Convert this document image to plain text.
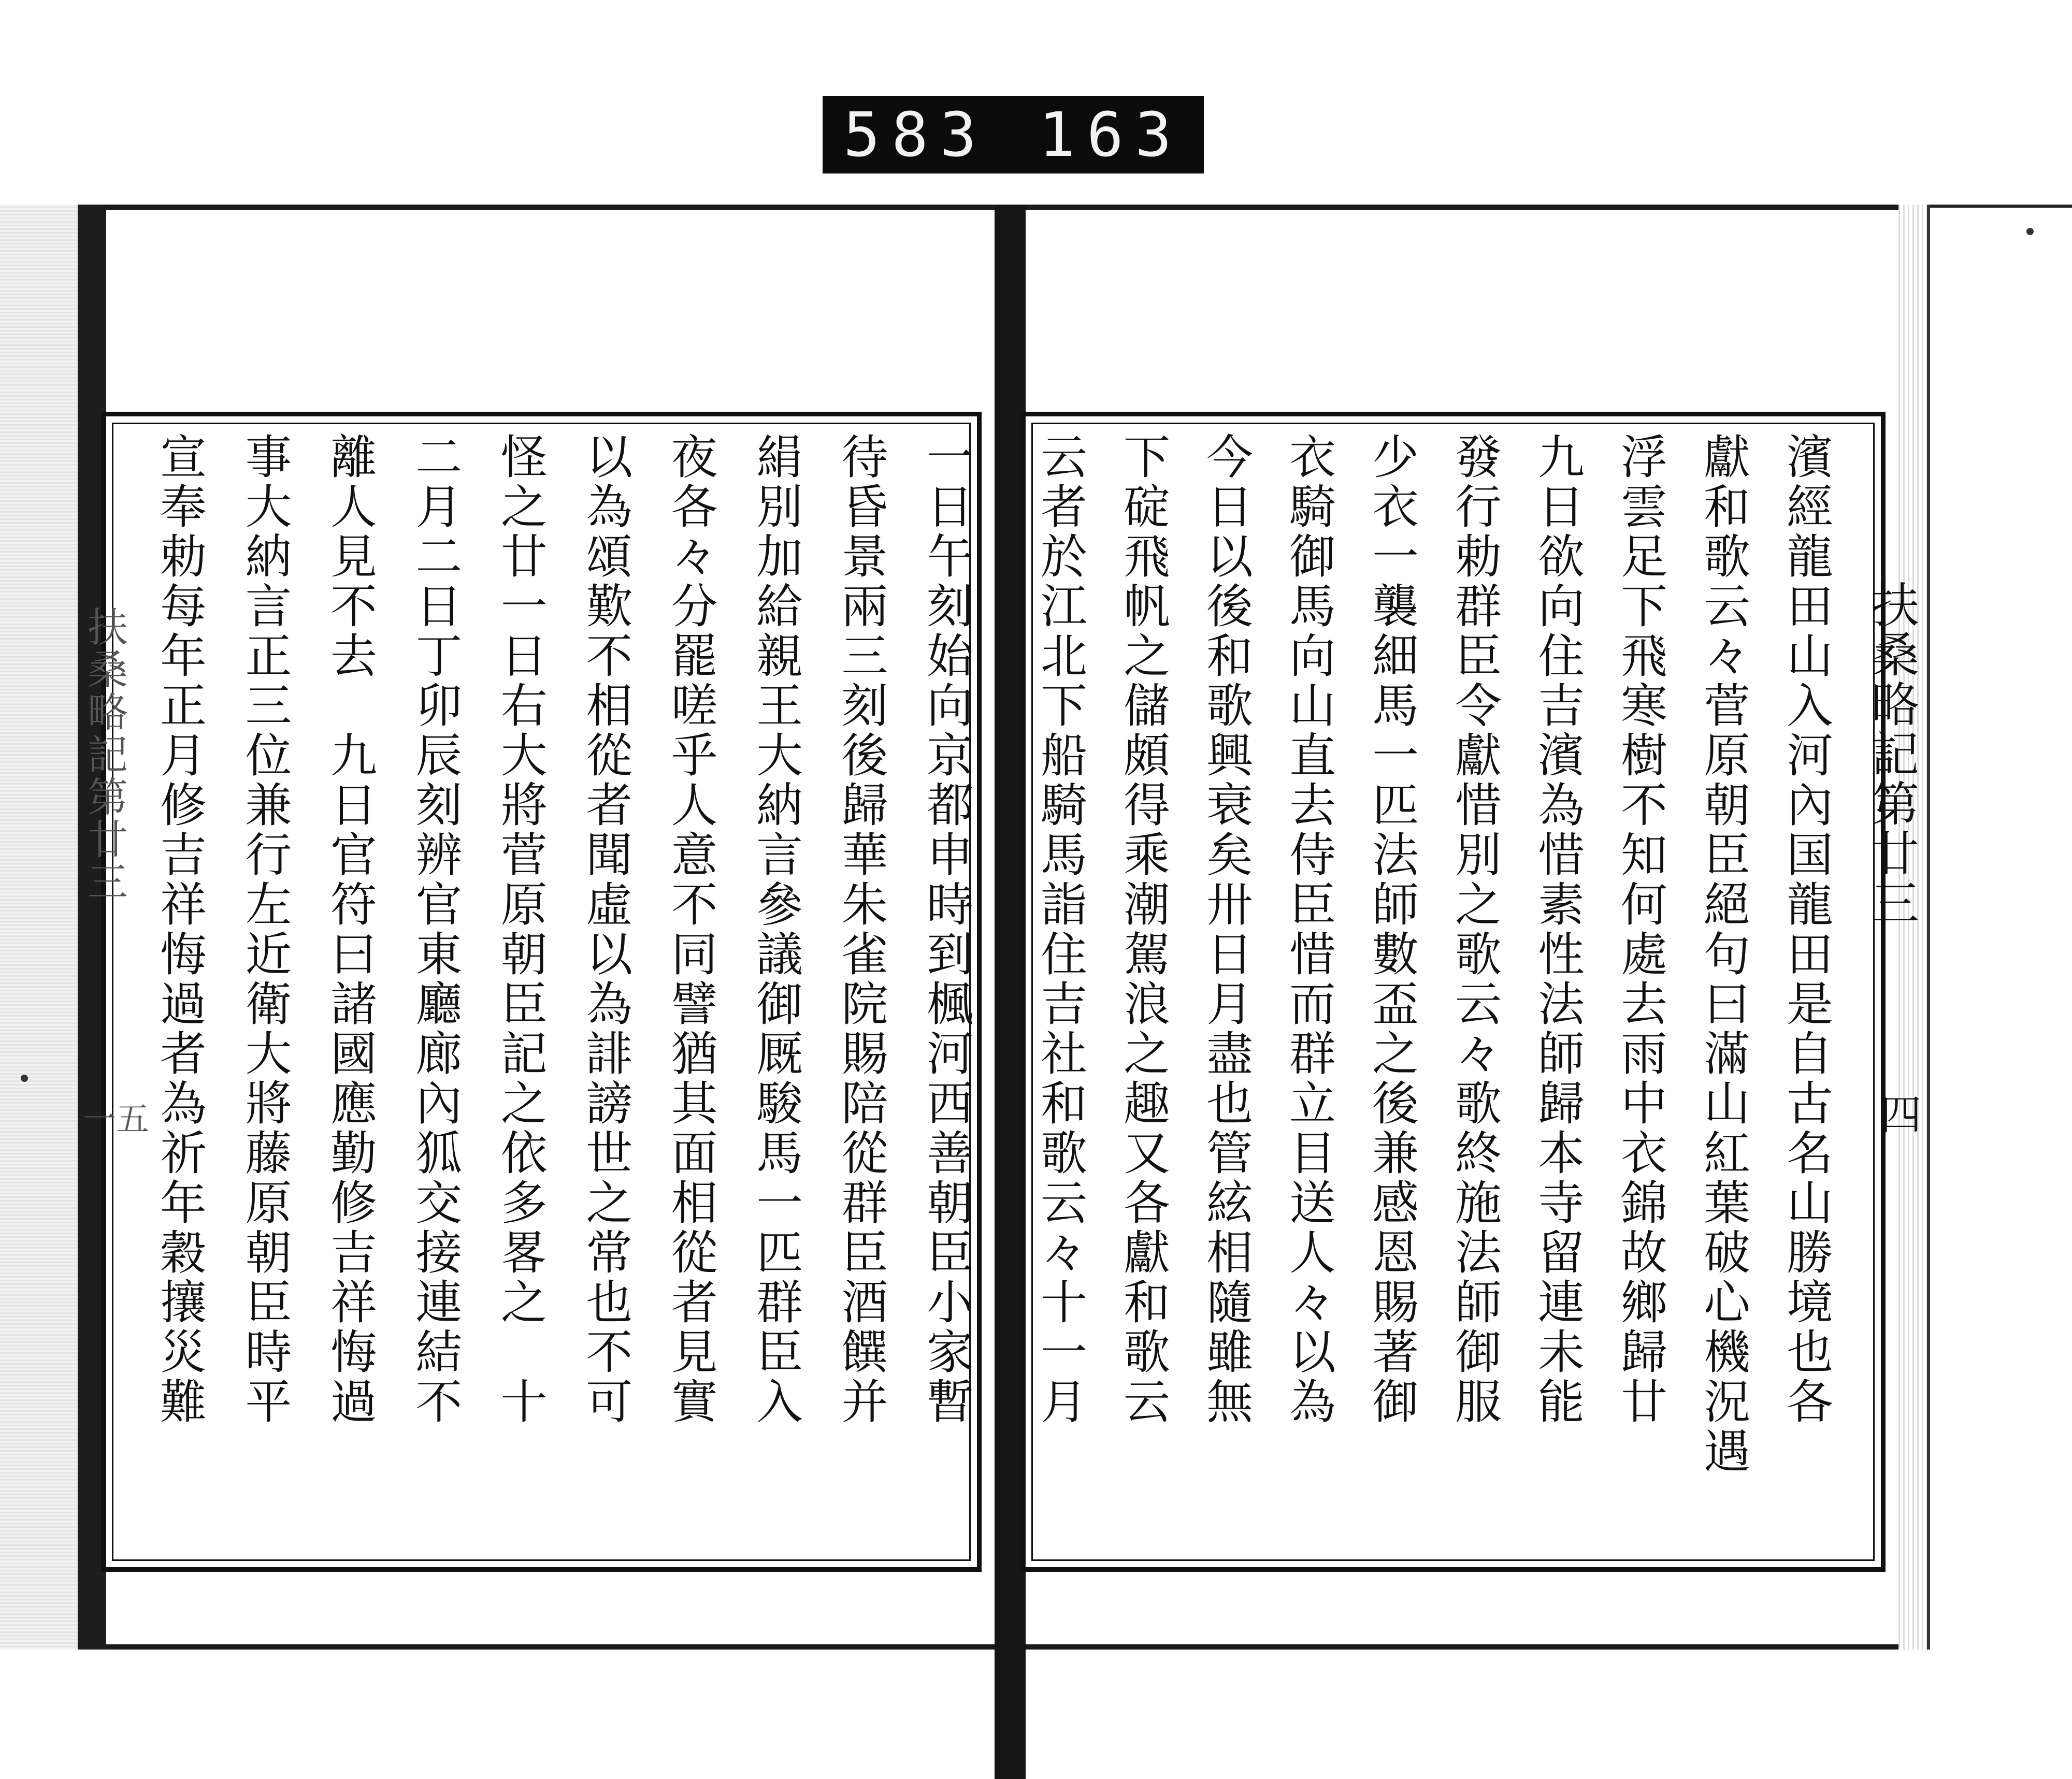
583 163
扶桑略記第廿三
一五
扶桑略記第廿三
四
一日午刻始向京都申時到楓河西善朝臣小家暫
待昏景兩三刻後歸華朱雀院賜陪從群臣酒饌并
絹別加給親王大納言參議御厩駿馬一匹群臣入
夜各々分罷嗟乎人意不同譬猶其面相從者見實
以為頌歎不相從者聞虛以為誹謗世之常也不可
怪之廿一日右大將菅原朝臣記之依多畧之　十
二月二日丁卯辰刻辨官東廳廊內狐交接連結不
離人見不去　九日官符曰諸國應勤修吉祥悔過
事大納言正三位兼行左近衛大將藤原朝臣時平
宣奉勅每年正月修吉祥悔過者為祈年穀攘災難	濱經龍田山入河內国龍田是自古名山勝境也各
獻和歌云々菅原朝臣絕句曰滿山紅葉破心機況遇
浮雲足下飛寒樹不知何處去雨中衣錦故鄉歸廿
九日欲向住吉濱為惜素性法師歸本寺留連未能
發行勅群臣令獻惜別之歌云々歌終施法師御服
少衣一襲細馬一匹法師數盃之後兼感恩賜著御
衣騎御馬向山直去侍臣惜而群立目送人々以為
今日以後和歌興衰矣卅日月盡也管絃相隨雖無
下碇飛帆之儲頗得乘潮駕浪之趣又各獻和歌云
云者於江北下船騎馬詣住吉社和歌云々十一月
